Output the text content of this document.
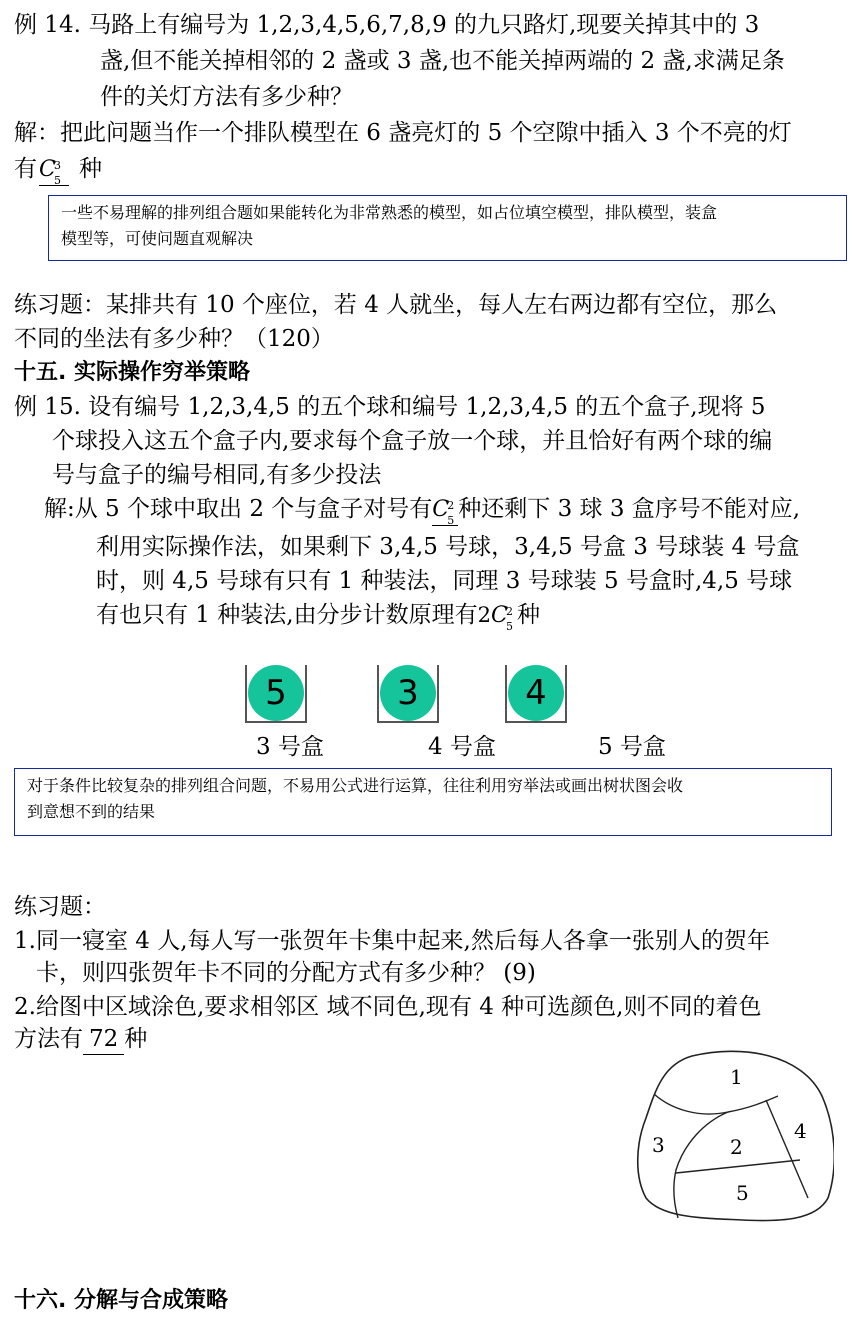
例 14. 马路上有编号为 1,2,3,4,5,6,7,8,9 的九只路灯,现要关掉其中的 3
盏,但不能关掉相邻的 2 盏或 3 盏,也不能关掉两端的 2 盏,求满足条
件的关灯方法有多少种？
解：把此问题当作一个排队模型在 6 盏亮灯的 5 个空隙中插入 3 个不亮的灯
有C
3
5 种
一些不易理解的排列组合题如果能转化为非常熟悉的模型，如占位填空模型，排队模型，装盒
模型等，可使问题直观解决
练习题：某排共有 10 个座位，若 4 人就坐，每人左右两边都有空位，那么
不同的坐法有多少种？（120）
十五. 实际操作穷举策略
例 15. 设有编号 1,2,3,4,5 的五个球和编号 1,2,3,4,5 的五个盒子,现将 5
个球投入这五个盒子内,要求每个盒子放一个球，并且恰好有两个球的编
号与盒子的编号相同,有多少投法
解:从 5 个球中取出 2 个与盒子对号有C
2
5 种还剩下 3 球 3 盒序号不能对应,
利用实际操作法，如果剩下 3,4,5 号球，3,4,5 号盒 3 号球装 4 号盒
时，则 4,5 号球有只有 1 种装法，同理 3 号球装 5 号盒时,4,5 号球
有也只有 1 种装法,由分步计数原理有2C
2
5 种
5	3	4
3 号盒	4 号盒	5 号盒
对于条件比较复杂的排列组合问题，不易用公式进行运算，往往利用穷举法或画出树状图会收
到意想不到的结果
练习题：
1.同一寝室 4 人,每人写一张贺年卡集中起来,然后每人各拿一张别人的贺年
卡，则四张贺年卡不同的分配方式有多少种？ (9)
2.给图中区域涂色,要求相邻区 域不同色,现有 4 种可选颜色,则不同的着色
方法有 72 种
1
2
3
4
5
十六. 分解与合成策略
